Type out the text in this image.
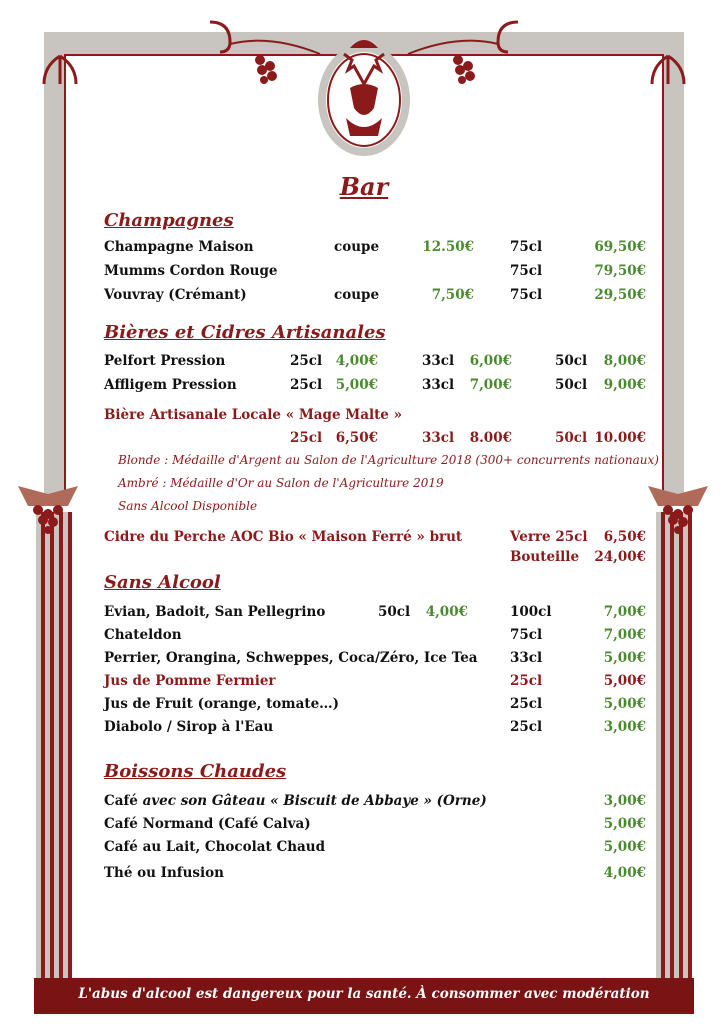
Bar
Champagnes
Champagne Maison	coupe	12.50€	75cl	69,50€
Mumms Cordon Rouge	75cl	79,50€
Vouvray (Crémant)	coupe	7,50€	75cl	29,50€
Bières et Cidres Artisanales
Pelfort Pression	25cl	4,00€	33cl	6,00€	50cl	8,00€
Affligem Pression	25cl	5,00€	33cl	7,00€	50cl	9,00€
Bière Artisanale Locale « Mage Malte »
25cl	6,50€	33cl	8.00€	50cl 10.00€
Blonde : Médaille d'Argent au Salon de l'Agriculture 2018 (300+ concurrents nationaux)
Ambré : Médaille d'Or au Salon de l'Agriculture 2019
Sans Alcool Disponible
Cidre du Perche AOC Bio « Maison Ferré » brut	Verre 25cl	6,50€
Bouteille	24,00€
Sans Alcool
Evian, Badoit, San Pellegrino	50cl	4,00€	100cl	7,00€
Chateldon	75cl	7,00€
Perrier, Orangina, Schweppes, Coca/Zéro, Ice Tea 33cl	5,00€
Jus de Pomme Fermier	25cl	5,00€
Jus de Fruit (orange, tomate…)	25cl	5,00€
Diabolo / Sirop à l'Eau	25cl	3,00€
Boissons Chaudes
Café avec son Gâteau « Biscuit de Abbaye » (Orne)	3,00€
Café Normand (Café Calva)	5,00€
Café au Lait, Chocolat Chaud	5,00€
Thé ou Infusion	4,00€
L'abus d'alcool est dangereux pour la santé. À consommer avec modération
